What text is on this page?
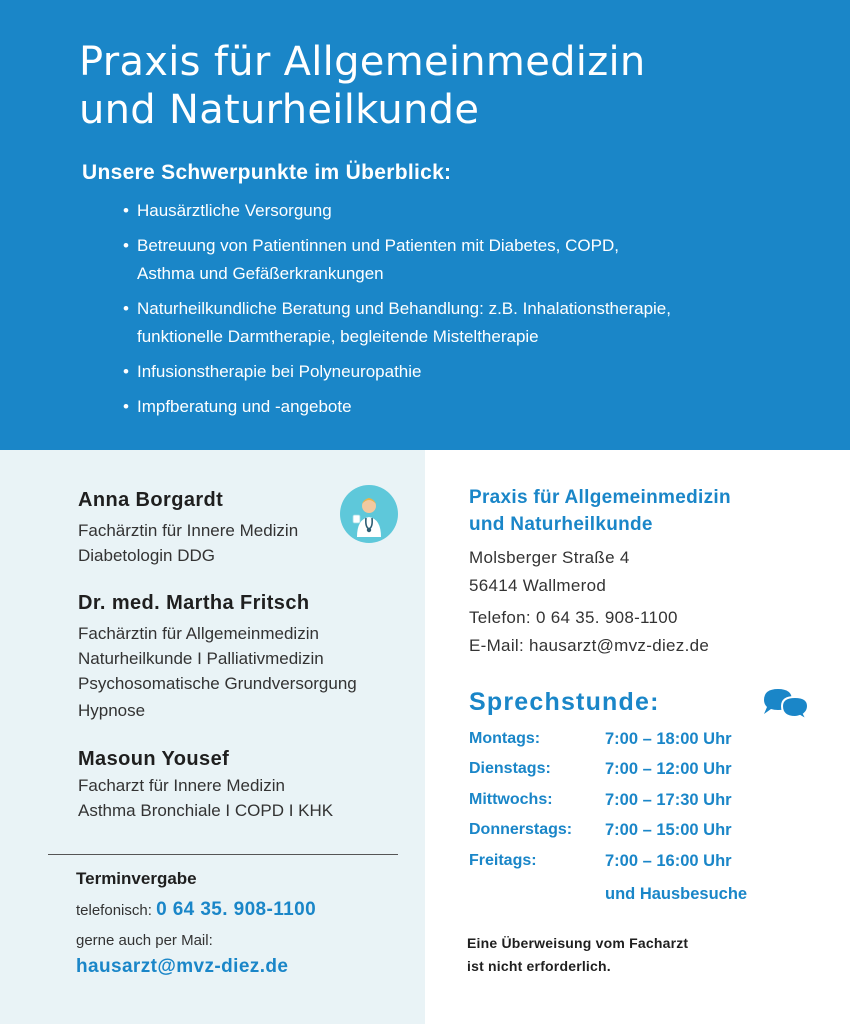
Praxis für Allgemeinmedizin
und Naturheilkunde
Unsere Schwerpunkte im Überblick:
• Hausärztliche Versorgung
• Betreuung von Patientinnen und Patienten mit Diabetes, COPD,
Asthma und Gefäßerkrankungen
• Naturheilkundliche Beratung und Behandlung: z.B. Inhalationstherapie,
funktionelle Darmtherapie, begleitende Misteltherapie
• Infusionstherapie bei Polyneuropathie
• Impfberatung und -angebote

Anna Borgardt

Fachärztin für Innere Medizin

Diabetologin DDG

Dr. med. Martha Fritsch

Fachärztin für Allgemeinmedizin

Naturheilkunde I Palliativmedizin

Psychosomatische Grundversorgung

Hypnose

Masoun Yousef

Facharzt für Innere Medizin

Asthma Bronchiale I COPD I KHK

Terminvergabe

telefonisch: 0 64 35. 908-1100
gerne auch per Mail:
hausarzt@mvz-diez.de
Praxis für Allgemeinmedizin
und Naturheilkunde

Molsberger Straße 4

56414 Wallmerod

Telefon: 0 64 35. 908-1100

E-Mail: hausarzt@mvz-diez.de

Sprechstunde:
Montags:	7:00 – 18:00 Uhr
Dienstags:	7:00 – 12:00 Uhr
Mittwochs:	7:00 – 17:30 Uhr
Donnerstags: 7:00 – 15:00 Uhr
Freitags:	7:00 – 16:00 Uhr
und Hausbesuche

Eine Überweisung vom Facharzt
ist nicht erforderlich.
